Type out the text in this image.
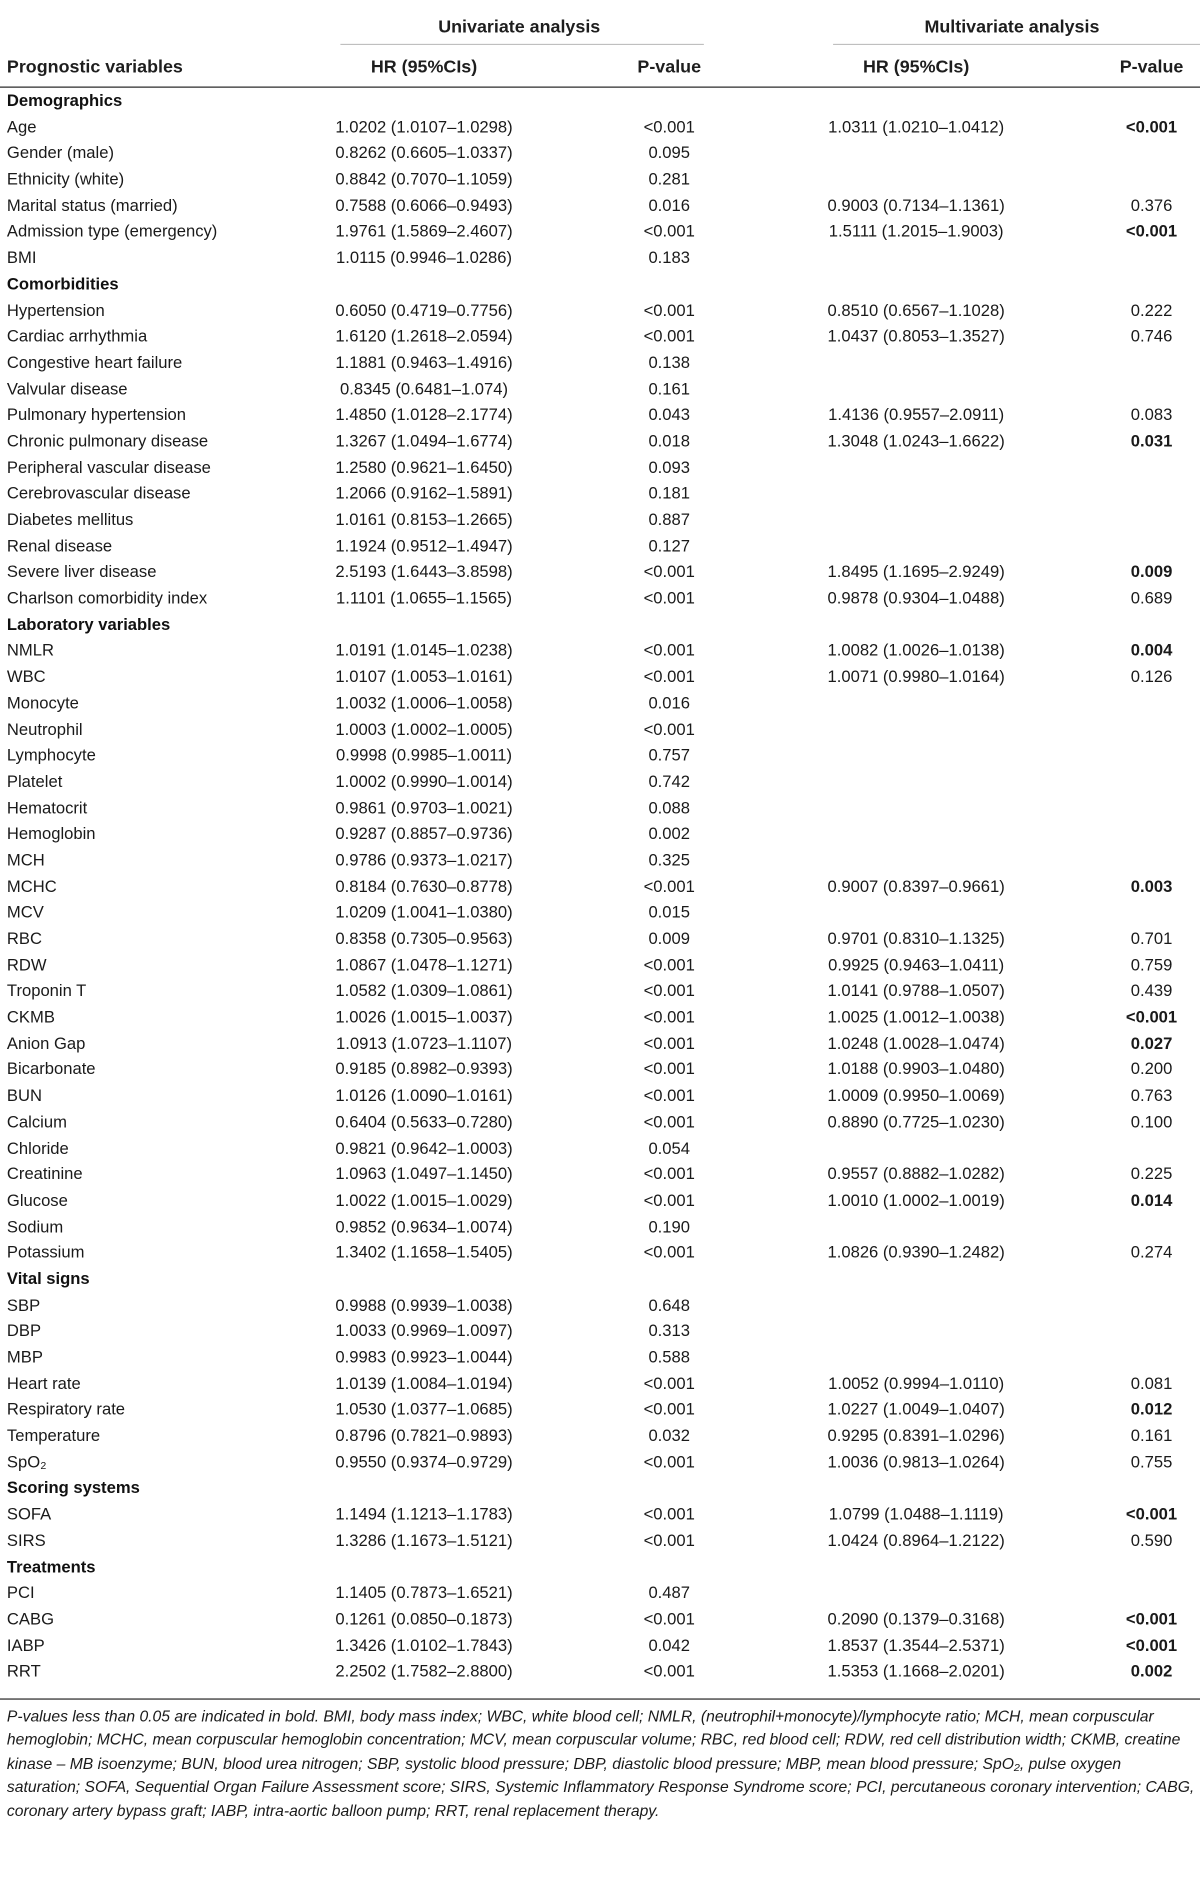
Univariate analysis	Multivariate analysis
Prognostic variables	HR (95%CIs)	P-value	HR (95%CIs)	P-value
Demographics
Age	1.0202 (1.0107–1.0298)	<0.001	1.0311 (1.0210–1.0412)	<0.001
Gender (male)	0.8262 (0.6605–1.0337)	0.095
Ethnicity (white)	0.8842 (0.7070–1.1059)	0.281
Marital status (married)	0.7588 (0.6066–0.9493)	0.016	0.9003 (0.7134–1.1361)	0.376
Admission type (emergency)	1.9761 (1.5869–2.4607)	<0.001	1.5111 (1.2015–1.9003)	<0.001
BMI	1.0115 (0.9946–1.0286)	0.183
Comorbidities
Hypertension	0.6050 (0.4719–0.7756)	<0.001	0.8510 (0.6567–1.1028)	0.222
Cardiac arrhythmia	1.6120 (1.2618–2.0594)	<0.001	1.0437 (0.8053–1.3527)	0.746
Congestive heart failure	1.1881 (0.9463–1.4916)	0.138
Valvular disease	0.8345 (0.6481–1.074)	0.161
Pulmonary hypertension	1.4850 (1.0128–2.1774)	0.043	1.4136 (0.9557–2.0911)	0.083
Chronic pulmonary disease	1.3267 (1.0494–1.6774)	0.018	1.3048 (1.0243–1.6622)	0.031
Peripheral vascular disease	1.2580 (0.9621–1.6450)	0.093
Cerebrovascular disease	1.2066 (0.9162–1.5891)	0.181
Diabetes mellitus	1.0161 (0.8153–1.2665)	0.887
Renal disease	1.1924 (0.9512–1.4947)	0.127
Severe liver disease	2.5193 (1.6443–3.8598)	<0.001	1.8495 (1.1695–2.9249)	0.009
Charlson comorbidity index	1.1101 (1.0655–1.1565)	<0.001	0.9878 (0.9304–1.0488)	0.689
Laboratory variables
NMLR	1.0191 (1.0145–1.0238)	<0.001	1.0082 (1.0026–1.0138)	0.004
WBC	1.0107 (1.0053–1.0161)	<0.001	1.0071 (0.9980–1.0164)	0.126
Monocyte	1.0032 (1.0006–1.0058)	0.016
Neutrophil	1.0003 (1.0002–1.0005)	<0.001
Lymphocyte	0.9998 (0.9985–1.0011)	0.757
Platelet	1.0002 (0.9990–1.0014)	0.742
Hematocrit	0.9861 (0.9703–1.0021)	0.088
Hemoglobin	0.9287 (0.8857–0.9736)	0.002
MCH	0.9786 (0.9373–1.0217)	0.325
MCHC	0.8184 (0.7630–0.8778)	<0.001	0.9007 (0.8397–0.9661)	0.003
MCV	1.0209 (1.0041–1.0380)	0.015
RBC	0.8358 (0.7305–0.9563)	0.009	0.9701 (0.8310–1.1325)	0.701
RDW	1.0867 (1.0478–1.1271)	<0.001	0.9925 (0.9463–1.0411)	0.759
Troponin T	1.0582 (1.0309–1.0861)	<0.001	1.0141 (0.9788–1.0507)	0.439
CKMB	1.0026 (1.0015–1.0037)	<0.001	1.0025 (1.0012–1.0038)	<0.001
Anion Gap	1.0913 (1.0723–1.1107)	<0.001	1.0248 (1.0028–1.0474)	0.027
Bicarbonate	0.9185 (0.8982–0.9393)	<0.001	1.0188 (0.9903–1.0480)	0.200
BUN	1.0126 (1.0090–1.0161)	<0.001	1.0009 (0.9950–1.0069)	0.763
Calcium	0.6404 (0.5633–0.7280)	<0.001	0.8890 (0.7725–1.0230)	0.100
Chloride	0.9821 (0.9642–1.0003)	0.054
Creatinine	1.0963 (1.0497–1.1450)	<0.001	0.9557 (0.8882–1.0282)	0.225
Glucose	1.0022 (1.0015–1.0029)	<0.001	1.0010 (1.0002–1.0019)	0.014
Sodium	0.9852 (0.9634–1.0074)	0.190
Potassium	1.3402 (1.1658–1.5405)	<0.001	1.0826 (0.9390–1.2482)	0.274
Vital signs
SBP	0.9988 (0.9939–1.0038)	0.648
DBP	1.0033 (0.9969–1.0097)	0.313
MBP	0.9983 (0.9923–1.0044)	0.588
Heart rate	1.0139 (1.0084–1.0194)	<0.001	1.0052 (0.9994–1.0110)	0.081
Respiratory rate	1.0530 (1.0377–1.0685)	<0.001	1.0227 (1.0049–1.0407)	0.012
Temperature	0.8796 (0.7821–0.9893)	0.032	0.9295 (0.8391–1.0296)	0.161
SpO₂	0.9550 (0.9374–0.9729)	<0.001	1.0036 (0.9813–1.0264)	0.755
Scoring systems
SOFA	1.1494 (1.1213–1.1783)	<0.001	1.0799 (1.0488–1.1119)	<0.001
SIRS	1.3286 (1.1673–1.5121)	<0.001	1.0424 (0.8964–1.2122)	0.590
Treatments
PCI	1.1405 (0.7873–1.6521)	0.487
CABG	0.1261 (0.0850–0.1873)	<0.001	0.2090 (0.1379–0.3168)	<0.001
IABP	1.3426 (1.0102–1.7843)	0.042	1.8537 (1.3544–2.5371)	<0.001
RRT	2.2502 (1.7582–2.8800)	<0.001	1.5353 (1.1668–2.0201)	0.002
P-values less than 0.05 are indicated in bold. BMI, body mass index; WBC, white blood cell; NMLR, (neutrophil+monocyte)/lymphocyte ratio; MCH, mean corpuscular hemoglobin; MCHC, mean corpuscular hemoglobin concentration; MCV, mean corpuscular volume; RBC, red blood cell; RDW, red cell distribution width; CKMB, creatine kinase – MB isoenzyme; BUN, blood urea nitrogen; SBP, systolic blood pressure; DBP, diastolic blood pressure; MBP, mean blood pressure; SpO₂, pulse oxygen saturation; SOFA, Sequential Organ Failure Assessment score; SIRS, Systemic Inflammatory Response Syndrome score; PCI, percutaneous coronary intervention; CABG, coronary artery bypass graft; IABP, intra-aortic balloon pump; RRT, renal replacement therapy.
